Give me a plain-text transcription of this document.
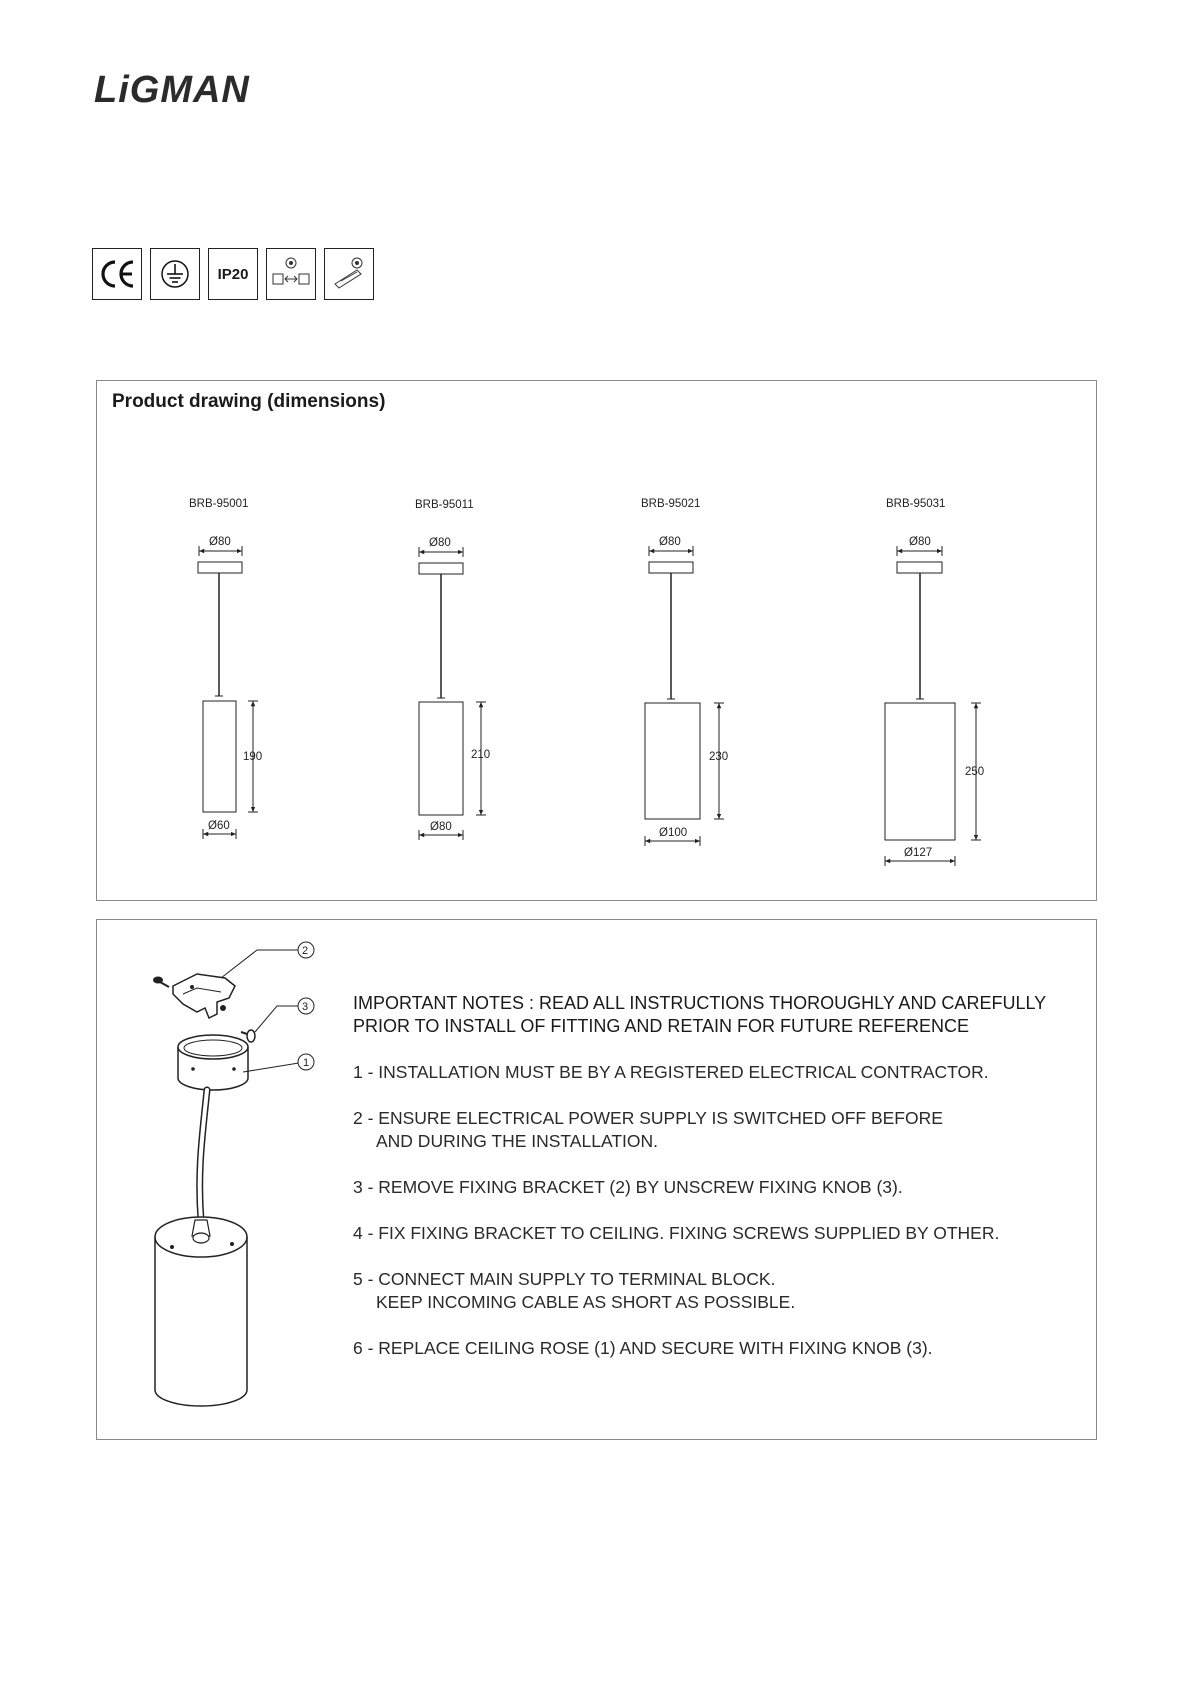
LiGMAN
IP20
Product drawing (dimensions)
BRB-95001
Ø80
190
Ø60
BRB-95011
Ø80
210
Ø80
BRB-95021
Ø80
230
Ø100
BRB-95031
Ø80
250
Ø127
2
3
1
IMPORTANT NOTES : READ ALL INSTRUCTIONS THOROUGHLY AND CAREFULLY
PRIOR TO INSTALL OF FITTING AND RETAIN FOR FUTURE REFERENCE
1 - INSTALLATION MUST BE BY A REGISTERED ELECTRICAL CONTRACTOR.
2 - ENSURE ELECTRICAL POWER SUPPLY IS SWITCHED OFF BEFORE
AND DURING THE INSTALLATION.
3 - REMOVE FIXING BRACKET (2) BY UNSCREW FIXING KNOB (3).
4 - FIX FIXING BRACKET TO CEILING. FIXING SCREWS SUPPLIED BY OTHER.
5 - CONNECT MAIN SUPPLY TO TERMINAL BLOCK.
KEEP INCOMING CABLE AS SHORT AS POSSIBLE.
6 - REPLACE CEILING ROSE (1) AND SECURE WITH FIXING KNOB (3).
